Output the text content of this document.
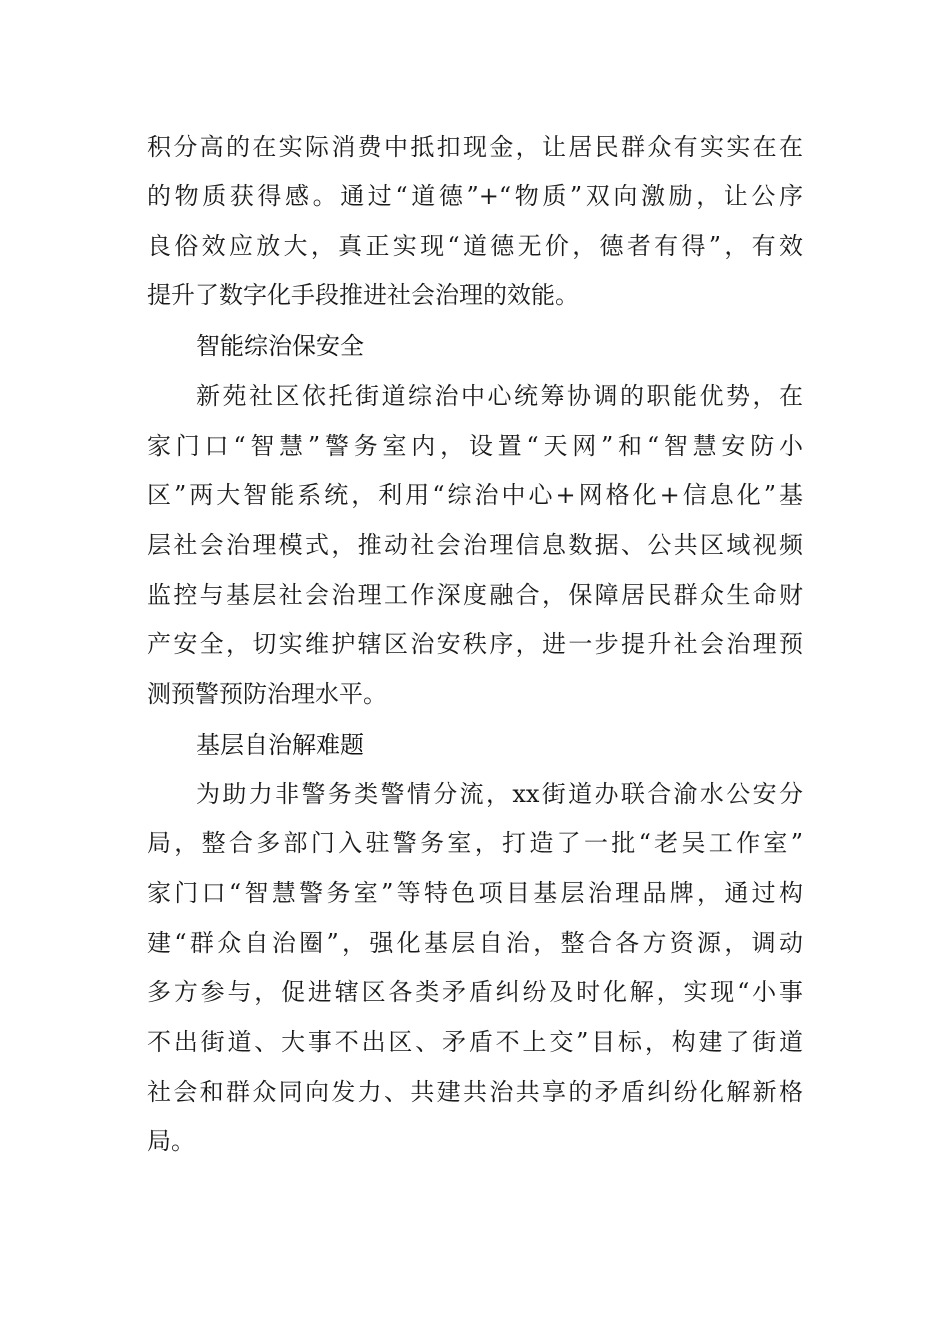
积分高的在实际消费中抵扣现金，让居民群众有实实在在
的物质获得感。通过“道德”+“物质”双向激励，让公序
良俗效应放大，真正实现“道德无价，德者有得”，有效
提升了数字化手段推进社会治理的效能。
智能综治保安全
新苑社区依托街道综治中心统筹协调的职能优势，在
家门口“智慧”警务室内，设置“天网”和“智慧安防小
区”两大智能系统，利用“综治中心+网格化+信息化”基
层社会治理模式，推动社会治理信息数据、公共区域视频
监控与基层社会治理工作深度融合，保障居民群众生命财
产安全，切实维护辖区治安秩序，进一步提升社会治理预
测预警预防治理水平。
基层自治解难题
为助力非警务类警情分流，xx街道办联合渝水公安分
局，整合多部门入驻警务室，打造了一批“老吴工作室”
家门口“智慧警务室”等特色项目基层治理品牌，通过构
建“群众自治圈”，强化基层自治，整合各方资源，调动
多方参与，促进辖区各类矛盾纠纷及时化解，实现“小事
不出街道、大事不出区、矛盾不上交”目标，构建了街道
社会和群众同向发力、共建共治共享的矛盾纠纷化解新格
局。
